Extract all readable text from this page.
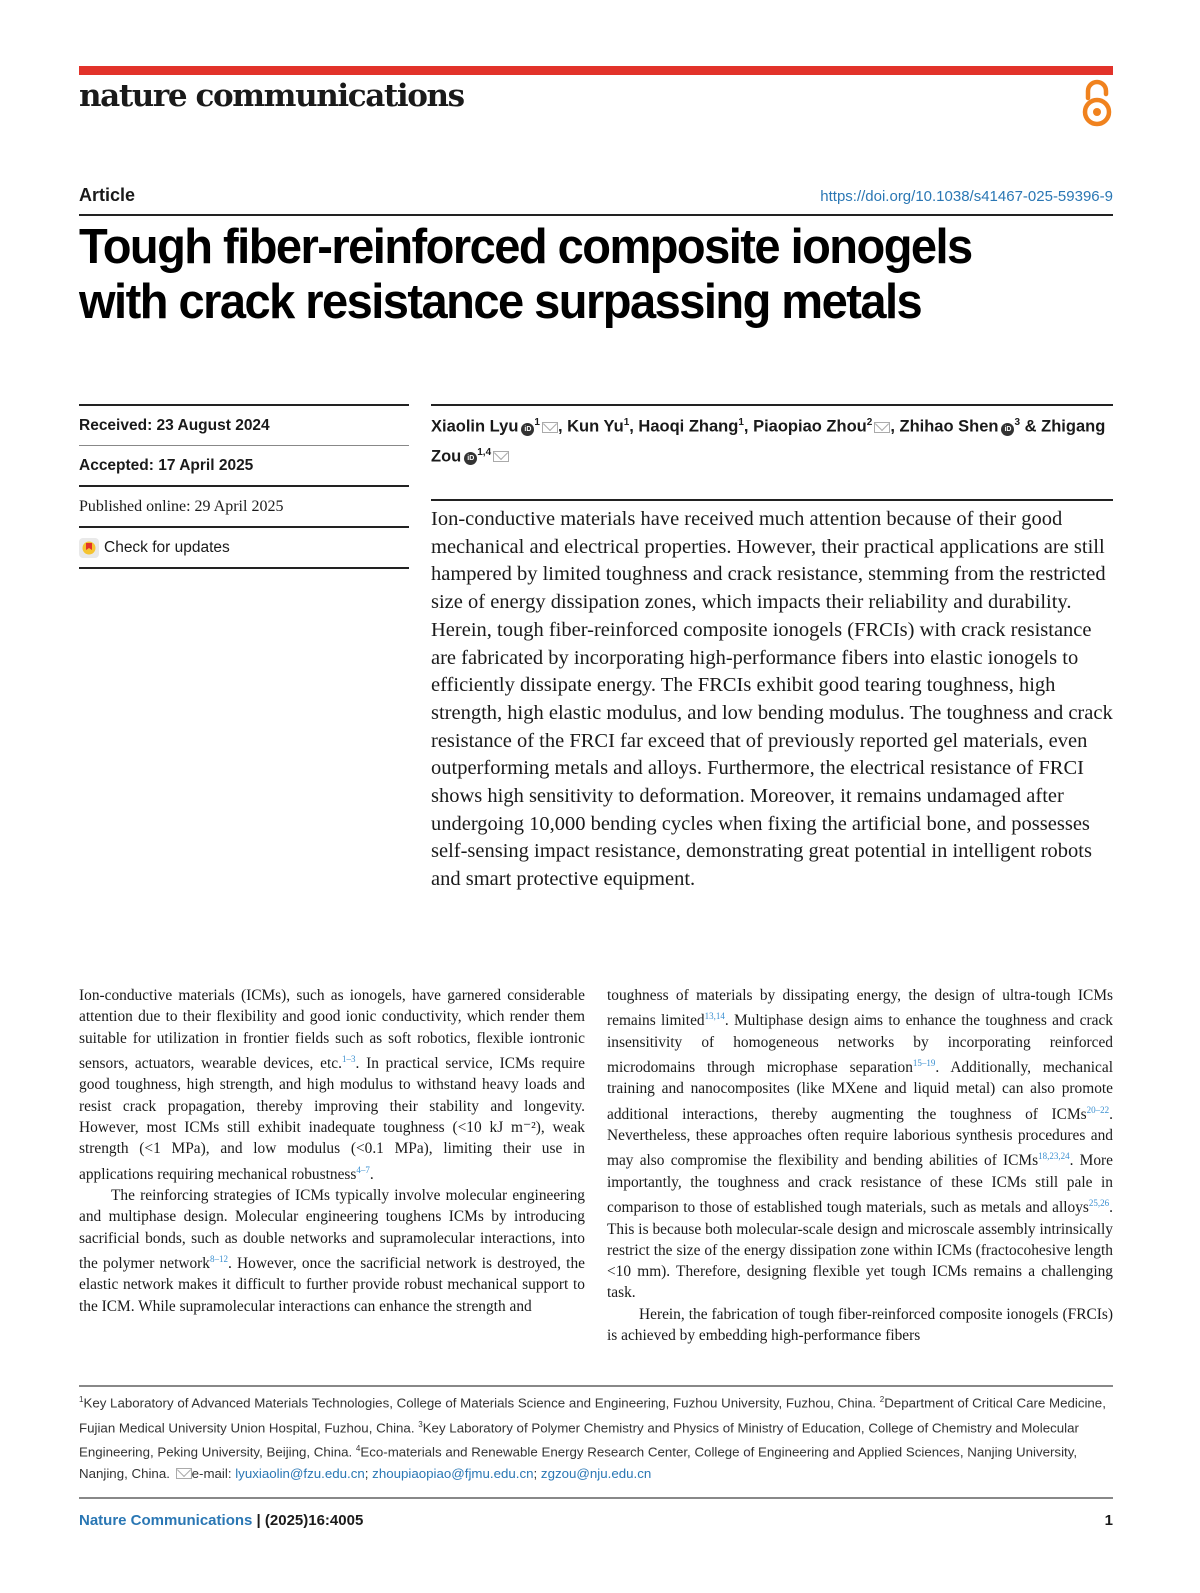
nature communications
Article	https://doi.org/10.1038/s41467-025-59396-9
Tough fiber-reinforced composite ionogels
with crack resistance surpassing metals
Received: 23 August 2024
Accepted: 17 April 2025
Published online: 29 April 2025
Check for updates
Xiaolin Lyu $iD^1$ , Kun Yu$^1$, Haoqi Zhang$^1$, Piaopiao Zhou$^2$ , Zhihao Shen $iD^3$ & Zhigang Zou iD$^{1,4}$
Ion-conductive materials have received much attention because of their good mechanical and electrical properties. However, their practical applications are still hampered by limited toughness and crack resistance, stemming from the restricted size of energy dissipation zones, which impacts their reliability and durability. Herein, tough fiber-reinforced composite ionogels (FRCIs) with crack resistance are fabricated by incorporating high-performance fibers into elastic ionogels to efficiently dissipate energy. The FRCIs exhibit good tearing toughness, high strength, high elastic modulus, and low bending modulus. The toughness and crack resistance of the FRCI far exceed that of previously reported gel materials, even outperforming metals and alloys. Furthermore, the electrical resistance of FRCI shows high sensitivity to deformation. Moreover, it remains undamaged after undergoing 10,000 bending cycles when fixing the artificial bone, and possesses self-sensing impact resistance, demonstrating great potential in intelligent robots and smart protective equipment.

Ion-conductive materials (ICMs), such as ionogels, have garnered considerable attention due to their flexibility and good ionic conductivity, which render them suitable for utilization in frontier fields such as soft robotics, flexible iontronic sensors, actuators, wearable devices, etc.$^{1-3}$. In practical service, ICMs require good toughness, high strength, and high modulus to withstand heavy loads and resist crack propagation, thereby improving their stability and longevity. However, most ICMs still exhibit inadequate toughness (<10 kJ m⁻²), weak strength (<1 MPa), and low modulus (<0.1 MPa), limiting their use in applications requiring mechanical robustness$^{4-7}$.

The reinforcing strategies of ICMs typically involve molecular engineering and multiphase design. Molecular engineering toughens ICMs by introducing sacrificial bonds, such as double networks and supramolecular interactions, into the polymer network$^{8-12}$. However, once the sacrificial network is destroyed, the elastic network makes it difficult to further provide robust mechanical support to the ICM. While supramolecular interactions can enhance the strength and

toughness of materials by dissipating energy, the design of ultra-tough ICMs remains limited$^{13,14}$. Multiphase design aims to enhance the toughness and crack insensitivity of homogeneous networks by incorporating reinforced microdomains through microphase separation$^{15-19}$. Additionally, mechanical training and nanocomposites (like MXene and liquid metal) can also promote additional interactions, thereby augmenting the toughness of ICMs$^{20-22}$. Nevertheless, these approaches often require laborious synthesis procedures and may also compromise the flexibility and bending abilities of ICMs$^{18,23,24}$. More importantly, the toughness and crack resistance of these ICMs still pale in comparison to those of established tough materials, such as metals and alloys$^{25,26}$. This is because both molecular-scale design and microscale assembly intrinsically restrict the size of the energy dissipation zone within ICMs (fractocohesive length <10 mm). Therefore, designing flexible yet tough ICMs remains a challenging task.

Herein, the fabrication of tough fiber-reinforced composite ionogels (FRCIs) is achieved by embedding high-performance fibers

$^1$Key Laboratory of Advanced Materials Technologies, College of Materials Science and Engineering, Fuzhou University, Fuzhou, China. $^2$Department of Critical Care Medicine, Fujian Medical University Union Hospital, Fuzhou, China. $^3$Key Laboratory of Polymer Chemistry and Physics of Ministry of Education, College of Chemistry and Molecular Engineering, Peking University, Beijing, China. $^4$Eco-materials and Renewable Energy Research Center, College of Engineering and Applied Sciences, Nanjing University, Nanjing, China. e-mail: lyuxiaolin@fzu.edu.cn; zhoupiaopiao@fjmu.edu.cn; zgzou@nju.edu.cn
Nature Communications | (2025)16:4005	1
